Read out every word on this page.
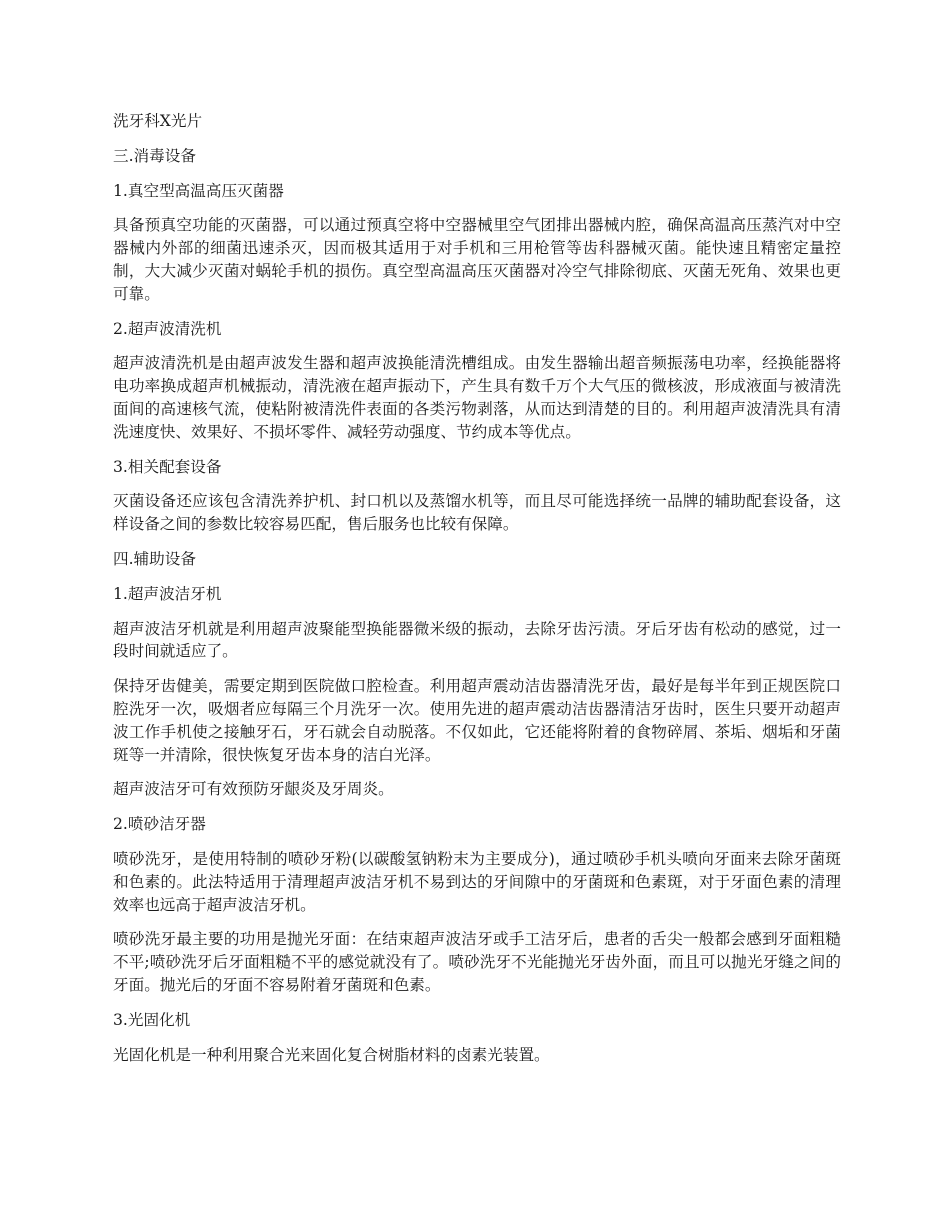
洗牙科X光片

三.消毒设备

1.真空型高温高压灭菌器

具备预真空功能的灭菌器，可以通过预真空将中空器械里空气团排出器械内腔，确保高温高压蒸汽对中空器械内外部的细菌迅速杀灭，因而极其适用于对手机和三用枪管等齿科器械灭菌。能快速且精密定量控制，大大减少灭菌对蜗轮手机的损伤。真空型高温高压灭菌器对冷空气排除彻底、灭菌无死角、效果也更可靠。

2.超声波清洗机

超声波清洗机是由超声波发生器和超声波换能清洗槽组成。由发生器输出超音频振荡电功率，经换能器将电功率换成超声机械振动，清洗液在超声振动下，产生具有数千万个大气压的微核波，形成液面与被清洗面间的高速核气流，使粘附被清洗件表面的各类污物剥落，从而达到清楚的目的。利用超声波清洗具有清洗速度快、效果好、不损坏零件、减轻劳动强度、节约成本等优点。

3.相关配套设备

灭菌设备还应该包含清洗养护机、封口机以及蒸馏水机等，而且尽可能选择统一品牌的辅助配套设备，这样设备之间的参数比较容易匹配，售后服务也比较有保障。

四.辅助设备

1.超声波洁牙机

超声波洁牙机就是利用超声波聚能型换能器微米级的振动，去除牙齿污渍。牙后牙齿有松动的感觉，过一段时间就适应了。

保持牙齿健美，需要定期到医院做口腔检查。利用超声震动洁齿器清洗牙齿，最好是每半年到正规医院口腔洗牙一次，吸烟者应每隔三个月洗牙一次。使用先进的超声震动洁齿器清洁牙齿时，医生只要开动超声波工作手机使之接触牙石，牙石就会自动脱落。不仅如此，它还能将附着的食物碎屑、茶垢、烟垢和牙菌斑等一并清除，很快恢复牙齿本身的洁白光泽。

超声波洁牙可有效预防牙龈炎及牙周炎。

2.喷砂洁牙器

喷砂洗牙，是使用特制的喷砂牙粉(以碳酸氢钠粉末为主要成分)，通过喷砂手机头喷向牙面来去除牙菌斑和色素的。此法特适用于清理超声波洁牙机不易到达的牙间隙中的牙菌斑和色素斑，对于牙面色素的清理效率也远高于超声波洁牙机。

喷砂洗牙最主要的功用是抛光牙面：在结束超声波洁牙或手工洁牙后，患者的舌尖一般都会感到牙面粗糙不平;喷砂洗牙后牙面粗糙不平的感觉就没有了。喷砂洗牙不光能抛光牙齿外面，而且可以抛光牙缝之间的牙面。抛光后的牙面不容易附着牙菌斑和色素。

3.光固化机

光固化机是一种利用聚合光来固化复合树脂材料的卤素光装置。
